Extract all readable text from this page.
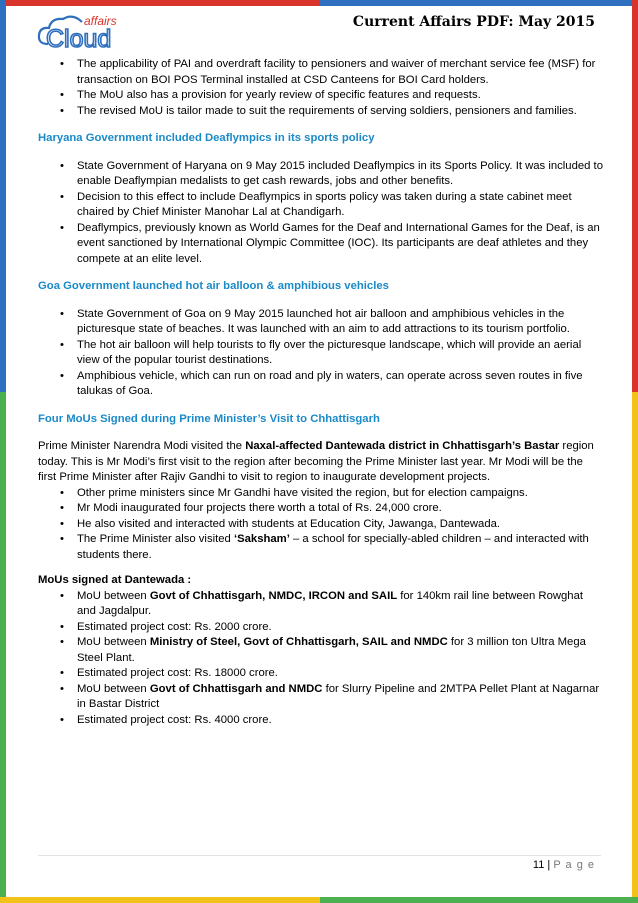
affairs
Cloud
Current Affairs PDF: May 2015
• The applicability of PAI and overdraft facility to pensioners and waiver of merchant service fee (MSF) for transaction on BOI POS Terminal installed at CSD Canteens for BOI Card holders.
• The MoU also has a provision for yearly review of specific features and requests.
• The revised MoU is tailor made to suit the requirements of serving soldiers, pensioners and families.
Haryana Government included Deaflympics in its sports policy
• State Government of Haryana on 9 May 2015 included Deaflympics in its Sports Policy. It was included to enable Deaflympian medalists to get cash rewards, jobs and other benefits.
• Decision to this effect to include Deaflympics in sports policy was taken during a state cabinet meet chaired by Chief Minister Manohar Lal at Chandigarh.
• Deaflympics, previously known as World Games for the Deaf and International Games for the Deaf, is an event sanctioned by International Olympic Committee (IOC). Its participants are deaf athletes and they compete at an elite level.
Goa Government launched hot air balloon & amphibious vehicles
• State Government of Goa on 9 May 2015 launched hot air balloon and amphibious vehicles in the picturesque state of beaches. It was launched with an aim to add attractions to its tourism portfolio.
• The hot air balloon will help tourists to fly over the picturesque landscape, which will provide an aerial view of the popular tourist destinations.
• Amphibious vehicle, which can run on road and ply in waters, can operate across seven routes in five talukas of Goa.
Four MoUs Signed during Prime Minister’s Visit to Chhattisgarh

Prime Minister Narendra Modi visited the Naxal-affected Dantewada district in Chhattisgarh’s Bastar region today. This is Mr Modi’s first visit to the region after becoming the Prime Minister last year. Mr Modi will be the first Prime Minister after Rajiv Gandhi to visit to region to inaugurate development projects.

• Other prime ministers since Mr Gandhi have visited the region, but for election campaigns.
• Mr Modi inaugurated four projects there worth a total of Rs. 24,000 crore.
• He also visited and interacted with students at Education City, Jawanga, Dantewada.
• The Prime Minister also visited ‘Saksham’ – a school for specially-abled children – and interacted with students there.

MoUs signed at Dantewada :

• MoU between Govt of Chhattisgarh, NMDC, IRCON and SAIL for 140km rail line between Rowghat and Jagdalpur.
• Estimated project cost: Rs. 2000 crore.
• MoU between Ministry of Steel, Govt of Chhattisgarh, SAIL and NMDC for 3 million ton Ultra Mega Steel Plant.
• Estimated project cost: Rs. 18000 crore.
• MoU between Govt of Chhattisgarh and NMDC for Slurry Pipeline and 2MTPA Pellet Plant at Nagarnar in Bastar District
• Estimated project cost: Rs. 4000 crore.
11 | P a g e
